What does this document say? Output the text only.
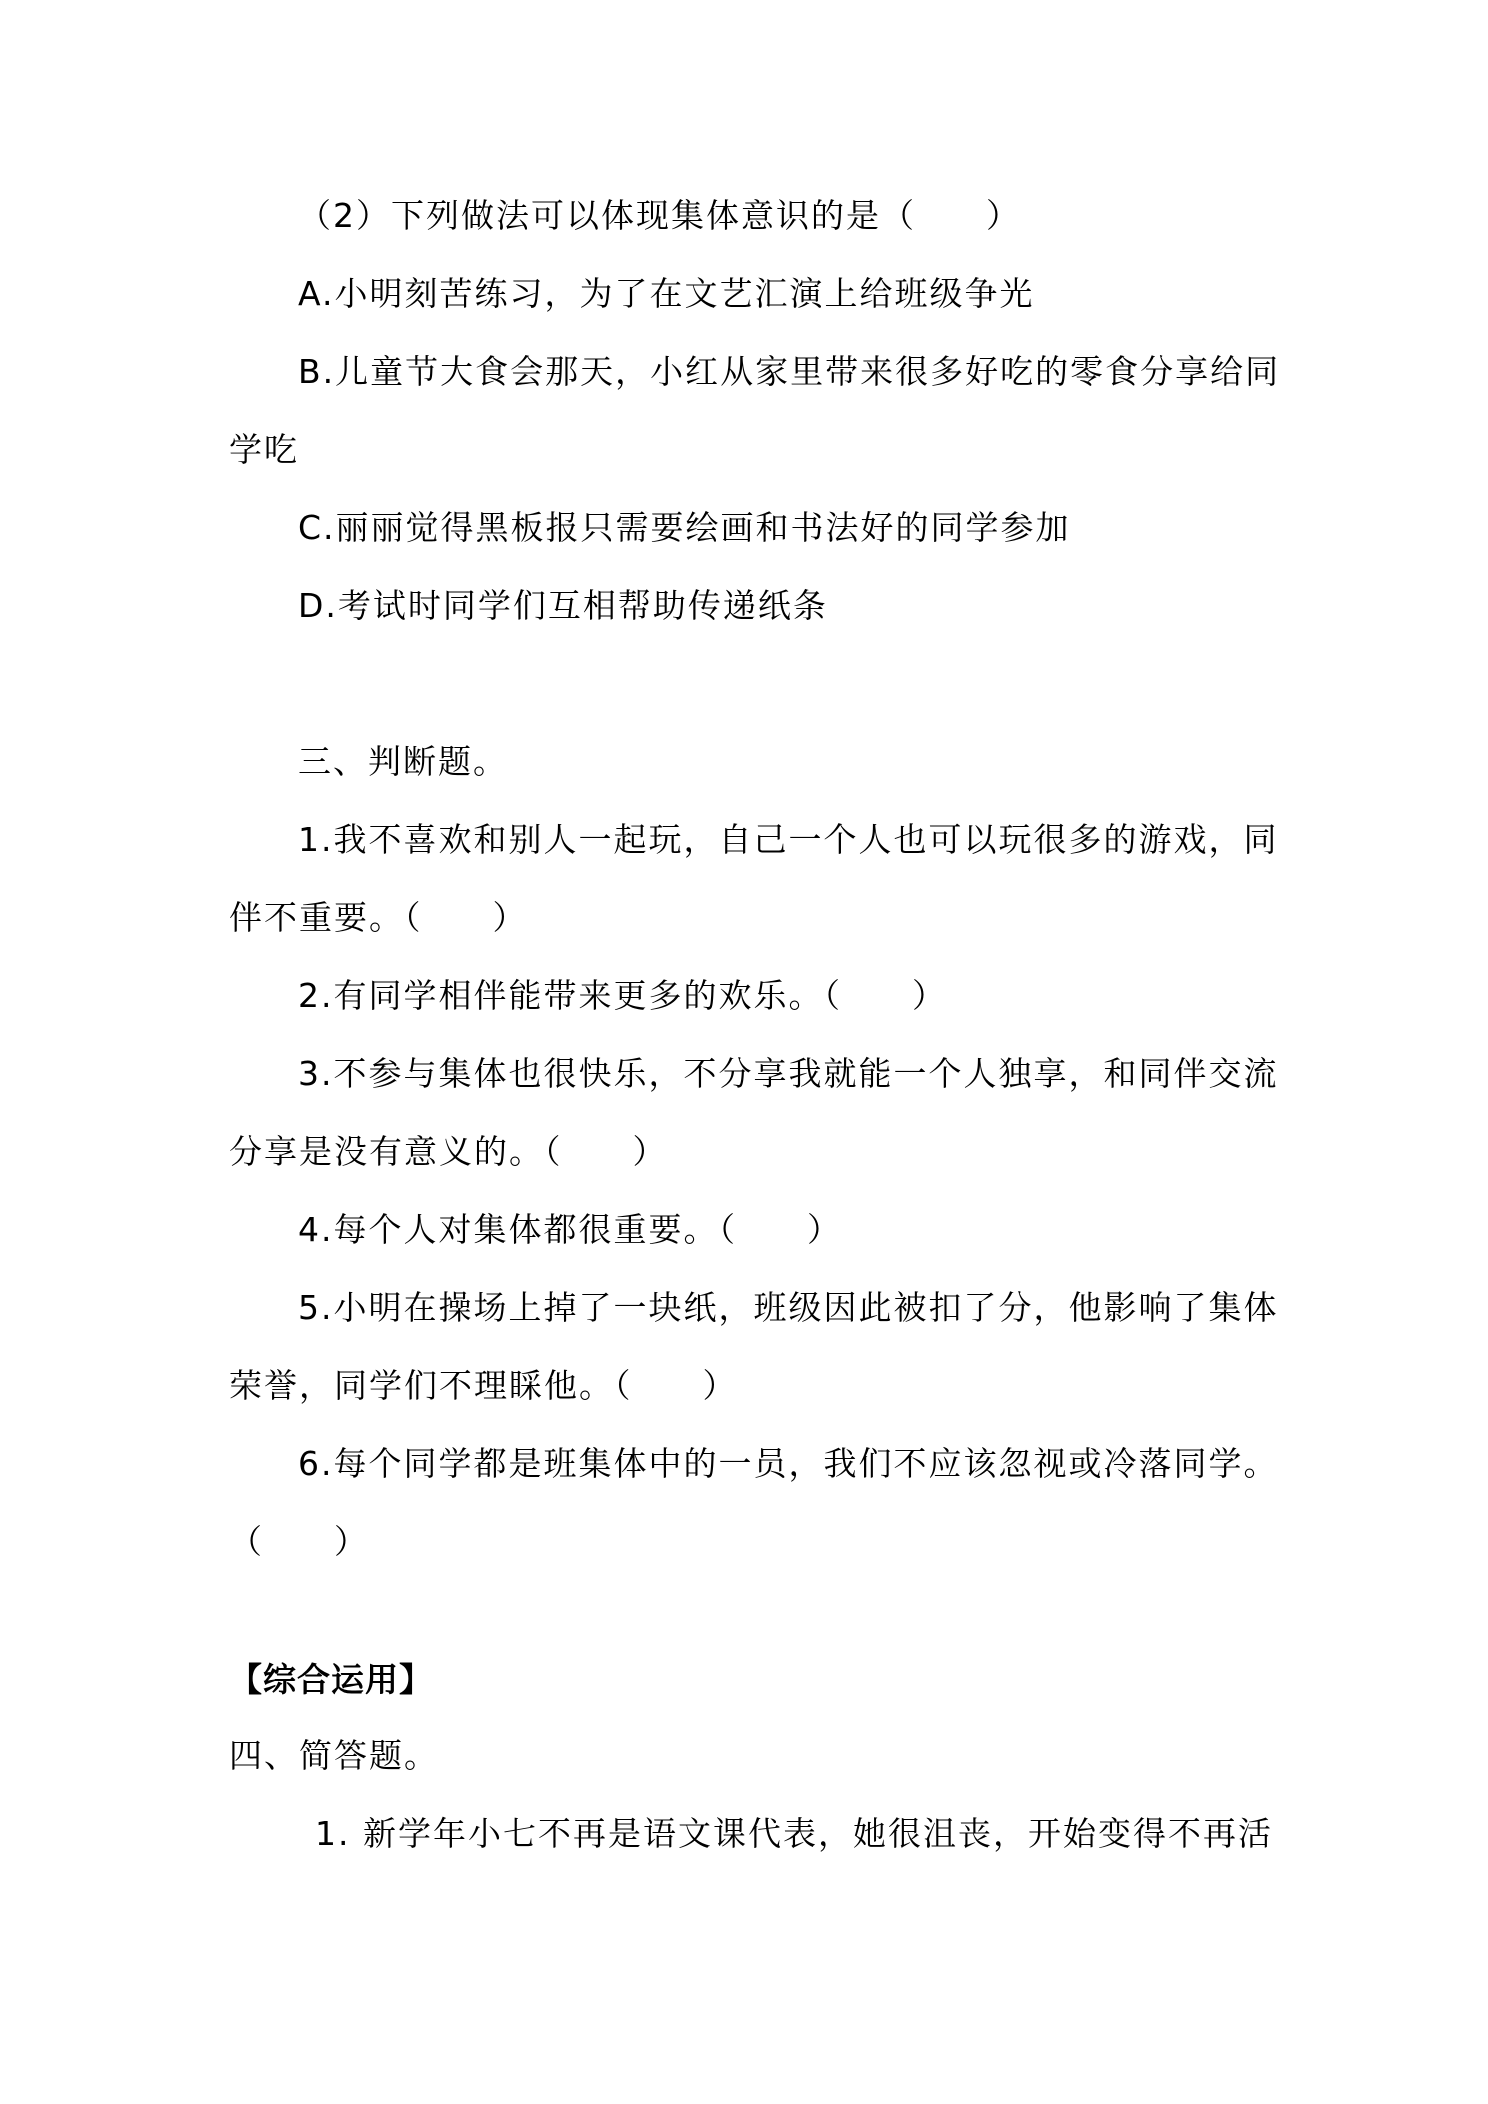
（2）下列做法可以体现集体意识的是（　　）
A.小明刻苦练习，为了在文艺汇演上给班级争光
B.儿童节大食会那天，小红从家里带来很多好吃的零食分享给同
学吃
C.丽丽觉得黑板报只需要绘画和书法好的同学参加
D.考试时同学们互相帮助传递纸条
三、判断题。
1.我不喜欢和别人一起玩，自己一个人也可以玩很多的游戏，同
伴不重要。（　　）
2.有同学相伴能带来更多的欢乐。（　　）
3.不参与集体也很快乐，不分享我就能一个人独享，和同伴交流
分享是没有意义的。（　　）
4.每个人对集体都很重要。（　　）
5.小明在操场上掉了一块纸，班级因此被扣了分，他影响了集体
荣誉，同学们不理睬他。（　　）
6.每个同学都是班集体中的一员，我们不应该忽视或冷落同学。
（　　）
【综合运用】
四、简答题。
1. 新学年小七不再是语文课代表，她很沮丧，开始变得不再活
